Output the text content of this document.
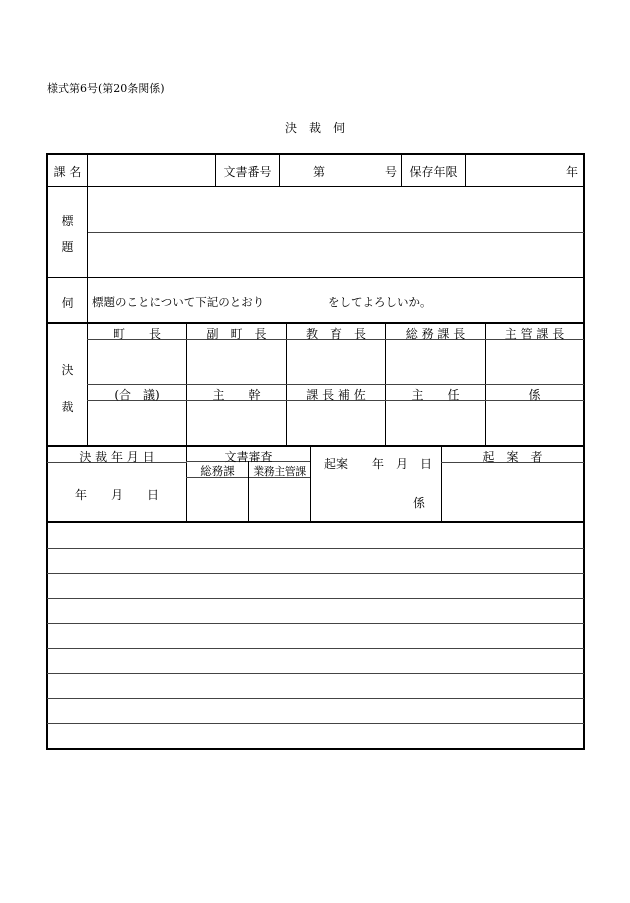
様式第6号(第20条関係)
決　裁　伺
課 名	文書番号	第	号	保存年限	年
標
題
伺	標題のことについて下記のとおり	をしてよろしいか。
決
裁
町　　長	副　町　長	教　育　長	総 務 課 長	主 管 課 長
(合　議)	主　　幹	課 長 補 佐	主　　任	係
決 裁 年 月 日
年　　月　　日
文書審査
総務課	業務主管課
起案　　年　月　日
係
起　案　者
